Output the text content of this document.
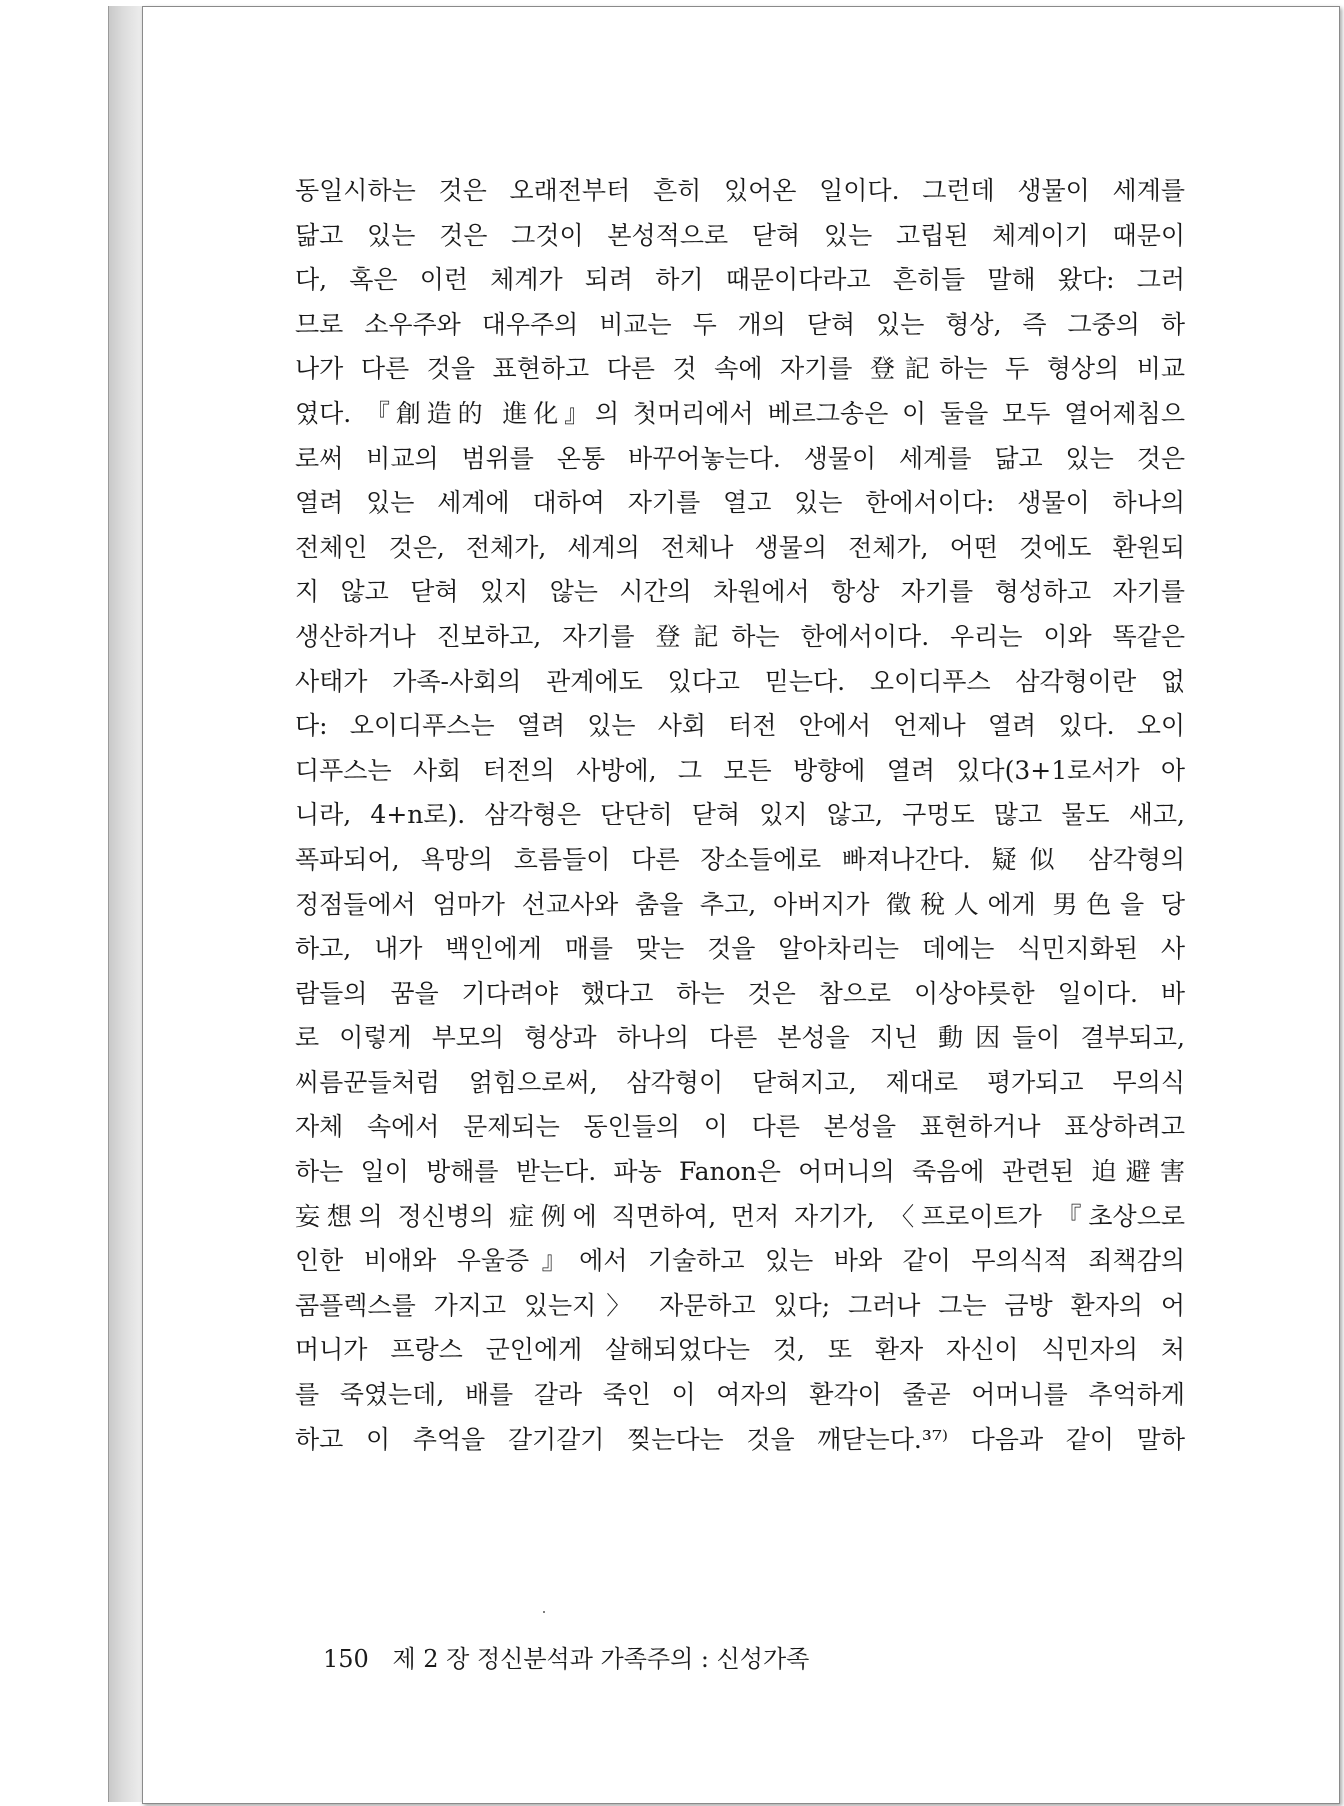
동일시하는 것은 오래전부터 흔히 있어온 일이다. 그런데 생물이 세계를
닮고 있는 것은 그것이 본성적으로 닫혀 있는 고립된 체계이기 때문이
다, 혹은 이런 체계가 되려 하기 때문이다라고 흔히들 말해 왔다: 그러
므로 소우주와 대우주의 비교는 두 개의 닫혀 있는 형상, 즉 그중의 하
나가 다른 것을 표현하고 다른 것 속에 자기를 登記하는 두 형상의 비교
였다. 『創造的 進化』의 첫머리에서 베르그송은 이 둘을 모두 열어제침으
로써 비교의 범위를 온통 바꾸어놓는다. 생물이 세계를 닮고 있는 것은
열려 있는 세계에 대하여 자기를 열고 있는 한에서이다: 생물이 하나의
전체인 것은, 전체가, 세계의 전체나 생물의 전체가, 어떤 것에도 환원되
지 않고 닫혀 있지 않는 시간의 차원에서 항상 자기를 형성하고 자기를
생산하거나 진보하고, 자기를 登記하는 한에서이다. 우리는 이와 똑같은
사태가 가족-사회의 관계에도 있다고 믿는다. 오이디푸스 삼각형이란 없
다: 오이디푸스는 열려 있는 사회 터전 안에서 언제나 열려 있다. 오이
디푸스는 사회 터전의 사방에, 그 모든 방향에 열려 있다(3+1로서가 아
니라, 4+n로). 삼각형은 단단히 닫혀 있지 않고, 구멍도 많고 물도 새고,
폭파되어, 욕망의 흐름들이 다른 장소들에로 빠져나간다. 疑似 삼각형의
정점들에서 엄마가 선교사와 춤을 추고, 아버지가 徵稅人에게 男色을 당
하고, 내가 백인에게 매를 맞는 것을 알아차리는 데에는 식민지화된 사
람들의 꿈을 기다려야 했다고 하는 것은 참으로 이상야릇한 일이다. 바
로 이렇게 부모의 형상과 하나의 다른 본성을 지닌 動因들이 결부되고,
씨름꾼들처럼 얽힘으로써, 삼각형이 닫혀지고, 제대로 평가되고 무의식
자체 속에서 문제되는 동인들의 이 다른 본성을 표현하거나 표상하려고
하는 일이 방해를 받는다. 파농 Fanon은 어머니의 죽음에 관련된 迫避害
妄想의 정신병의 症例에 직면하여, 먼저 자기가, 〈프로이트가 『초상으로
인한 비애와 우울증』에서 기술하고 있는 바와 같이 무의식적 죄책감의
콤플렉스를 가지고 있는지〉 자문하고 있다; 그러나 그는 금방 환자의 어
머니가 프랑스 군인에게 살해되었다는 것, 또 환자 자신이 식민자의 처
를 죽였는데, 배를 갈라 죽인 이 여자의 환각이 줄곧 어머니를 추억하게
하고 이 추억을 갈기갈기 찢는다는 것을 깨닫는다.³⁷⁾ 다음과 같이 말하
150 제 2 장 정신분석과 가족주의 : 신성가족
